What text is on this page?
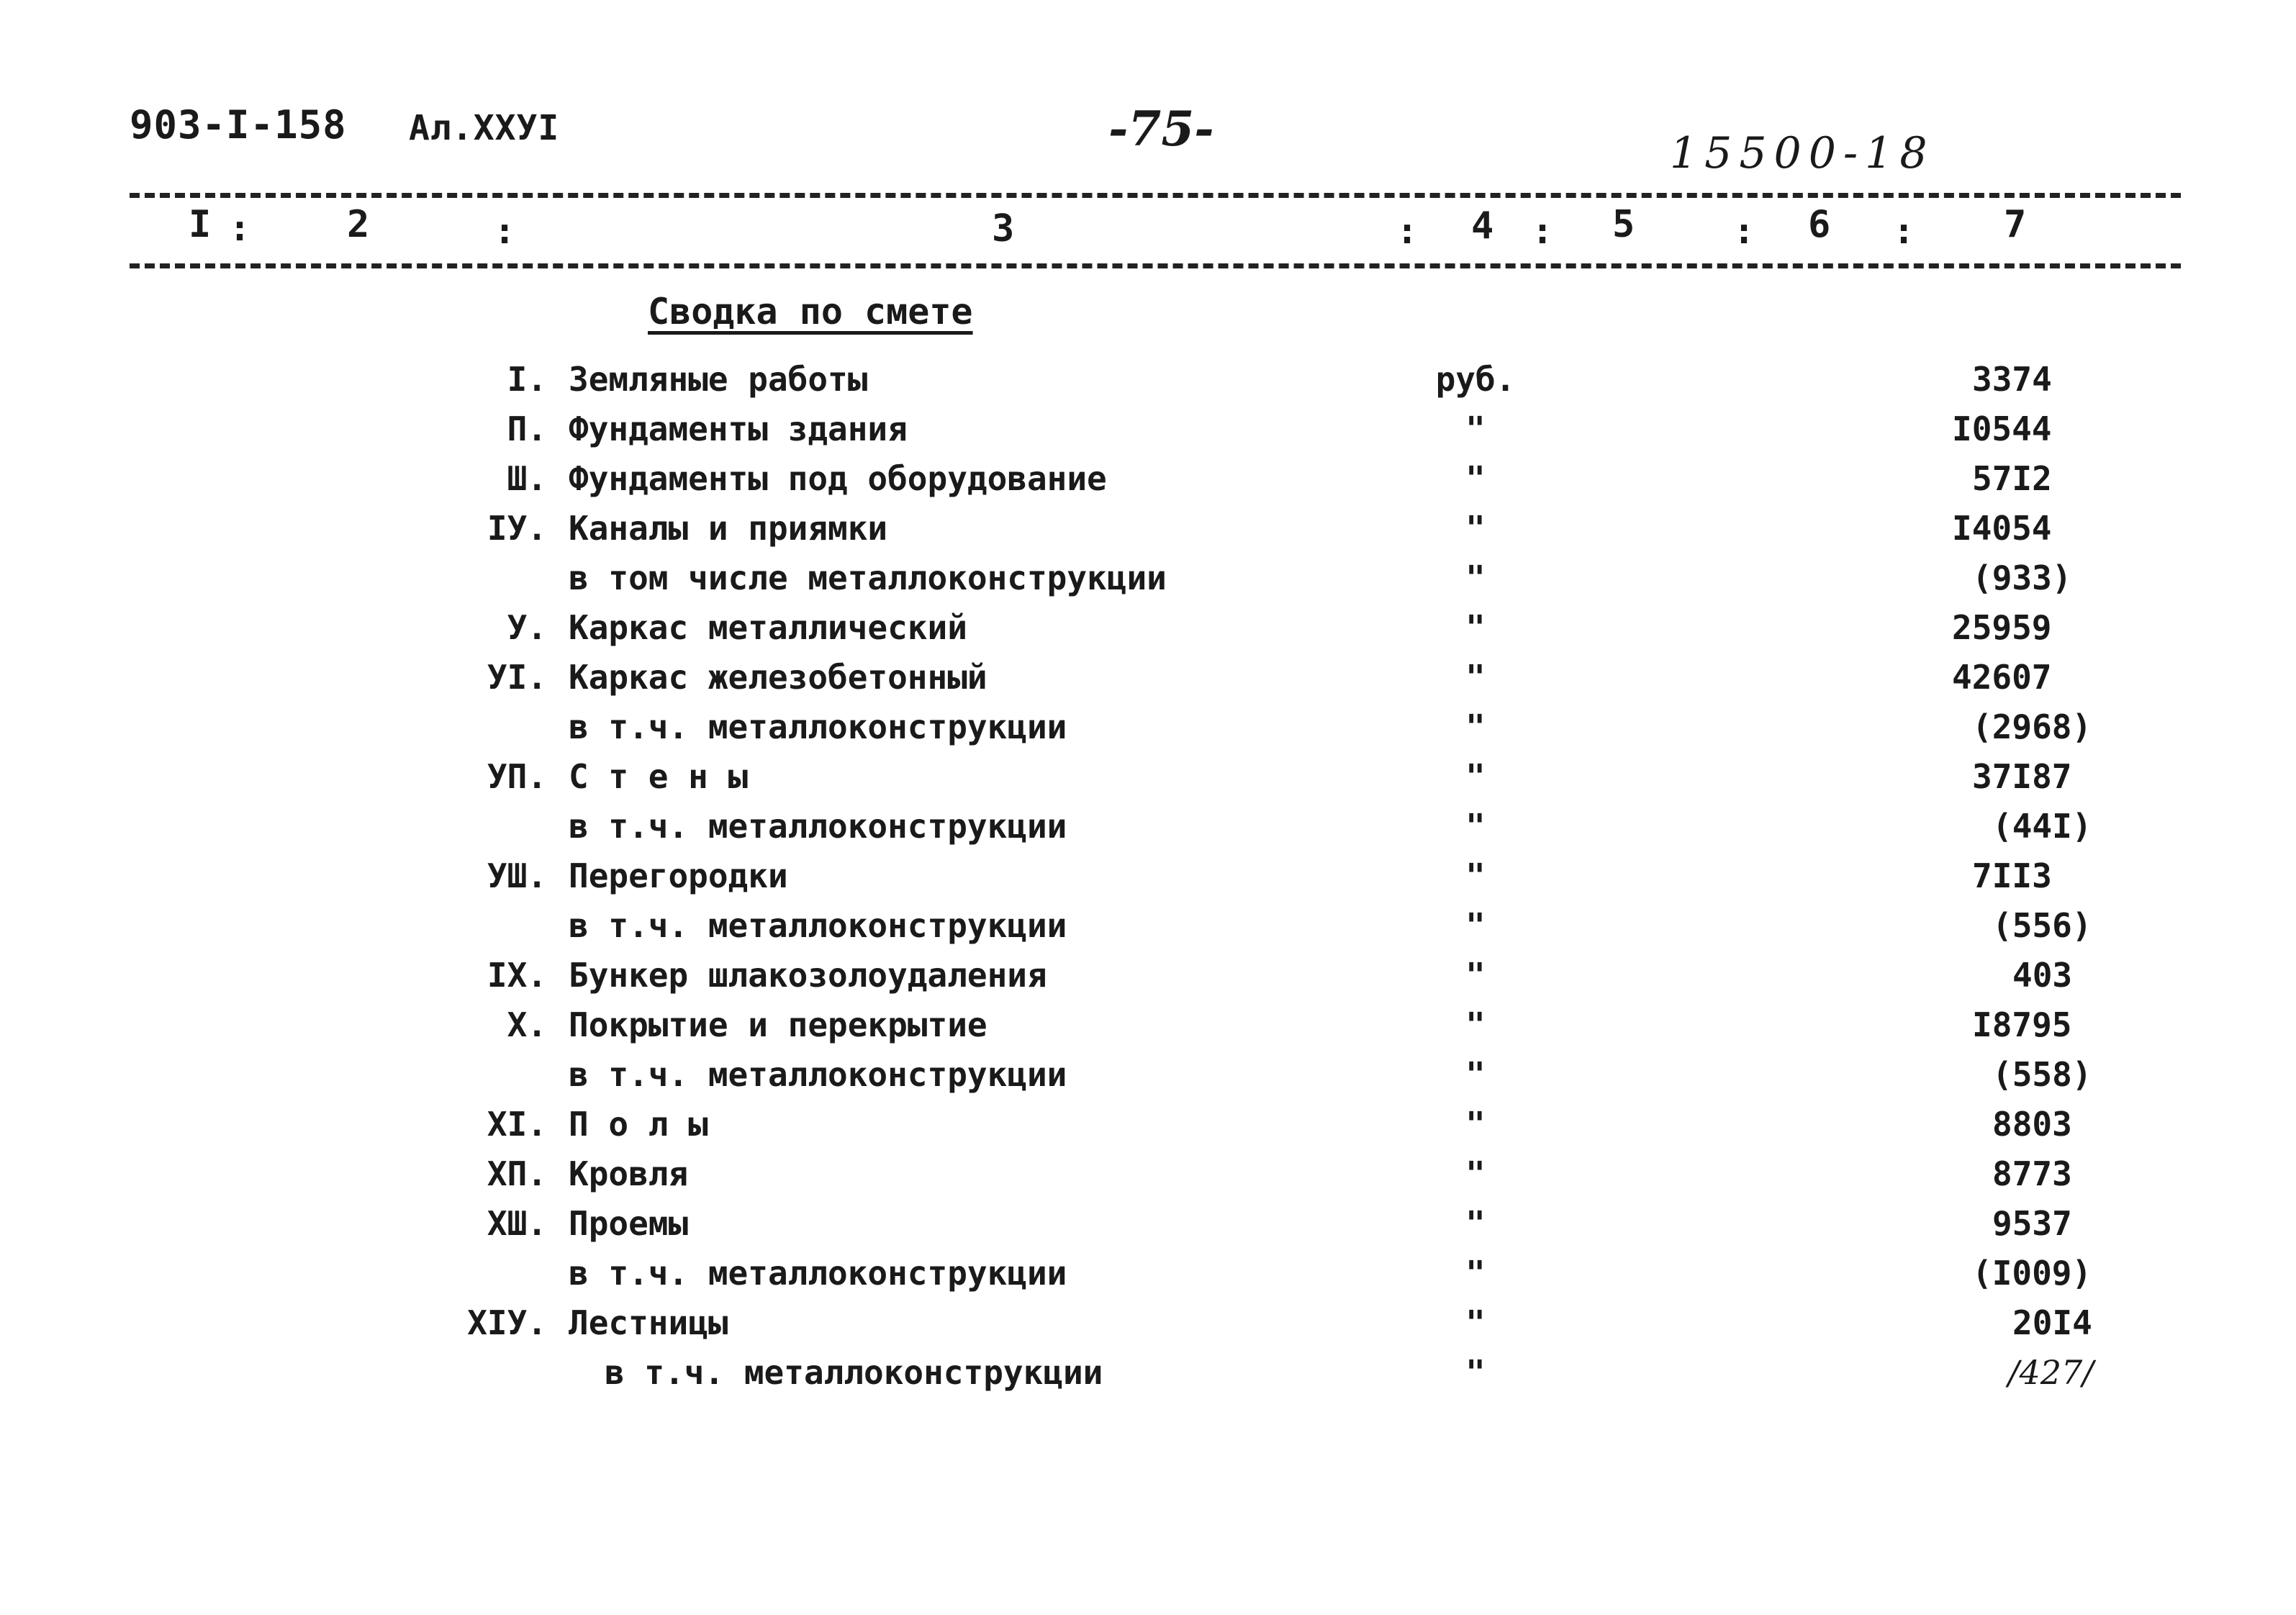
903-I-158 Ал.XXУI	-75-	15500-18
I :	2	:	3	: 4 : 5	: 6 : 7
Сводка по смете
I. Земляные работы	руб.	3374
П. Фундаменты здания	"	I0544
Ш. Фундаменты под оборудование	"	57I2
IУ. Каналы и приямки	"	I4054
в том числе металлоконструкции	"	(933)
У. Каркас металлический	"	25959
УI. Каркас железобетонный	"	42607
в т.ч. металлоконструкции	"	(2968)
УП. С т е н ы	"	37I87
в т.ч. металлоконструкции	"	(44I)
УШ. Перегородки	"	7II3
в т.ч. металлоконструкции	"	(556)
IX. Бункер шлакозолоудаления	"	403
X. Покрытие и перекрытие	"	I8795
в т.ч. металлоконструкции	"	(558)
XI. П о л ы	"	8803
XП. Кровля	"	8773
XШ. Проемы	"	9537
в т.ч. металлоконструкции	"	(I009)
XIУ. Лестницы	"	20I4
в т.ч. металлоконструкции	"	/427/
